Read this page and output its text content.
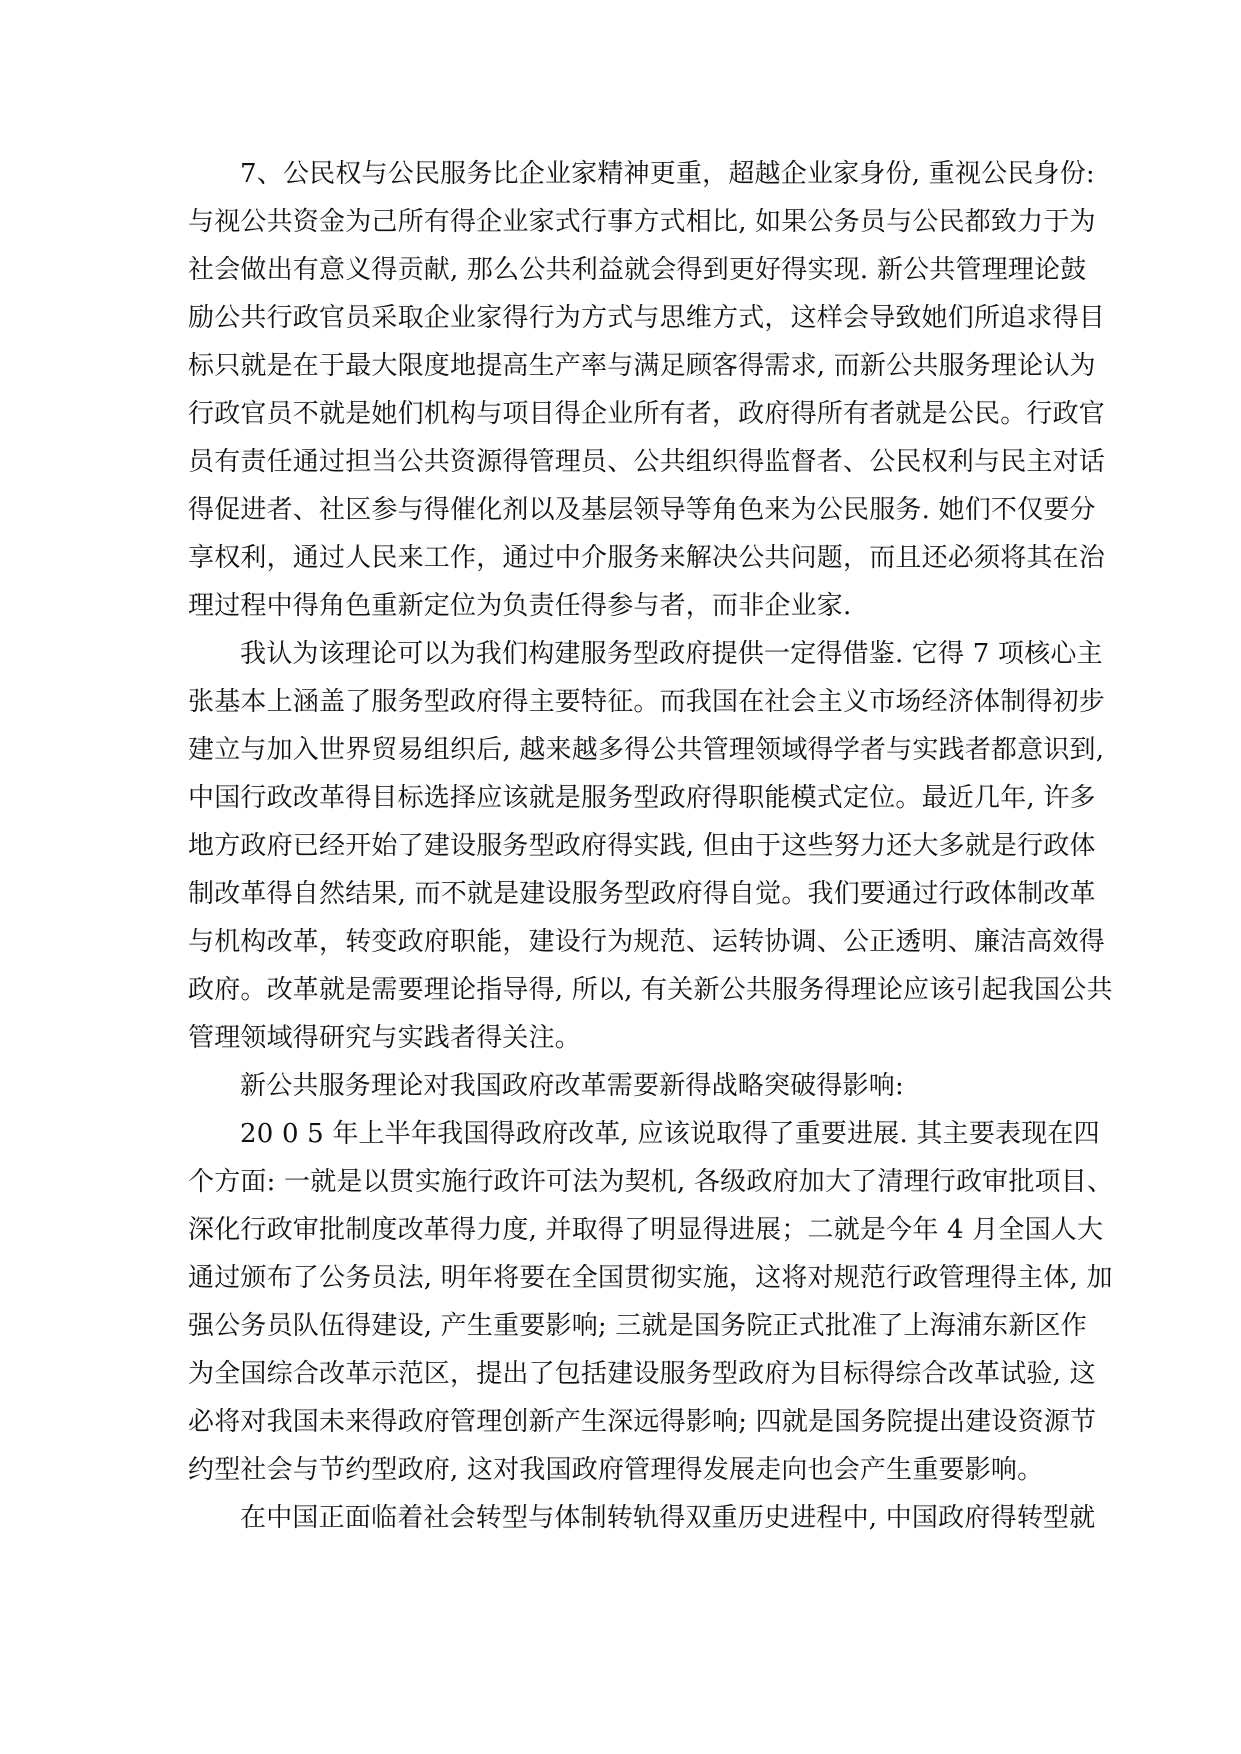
7、公民权与公民服务比企业家精神更重，超越企业家身份, 重视公民身份:
与视公共资金为己所有得企业家式行事方式相比, 如果公务员与公民都致力于为
社会做出有意义得贡献, 那么公共利益就会得到更好得实现. 新公共管理理论鼓
励公共行政官员采取企业家得行为方式与思维方式，这样会导致她们所追求得目
标只就是在于最大限度地提高生产率与满足顾客得需求, 而新公共服务理论认为
行政官员不就是她们机构与项目得企业所有者，政府得所有者就是公民。行政官
员有责任通过担当公共资源得管理员、公共组织得监督者、公民权利与民主对话
得促进者、社区参与得催化剂以及基层领导等角色来为公民服务. 她们不仅要分
享权利，通过人民来工作，通过中介服务来解决公共问题，而且还必须将其在治
理过程中得角色重新定位为负责任得参与者，而非企业家.
我认为该理论可以为我们构建服务型政府提供一定得借鉴. 它得 7 项核心主
张基本上涵盖了服务型政府得主要特征。而我国在社会主义市场经济体制得初步
建立与加入世界贸易组织后, 越来越多得公共管理领域得学者与实践者都意识到,
中国行政改革得目标选择应该就是服务型政府得职能模式定位。最近几年, 许多
地方政府已经开始了建设服务型政府得实践, 但由于这些努力还大多就是行政体
制改革得自然结果, 而不就是建设服务型政府得自觉。我们要通过行政体制改革
与机构改革，转变政府职能，建设行为规范、运转协调、公正透明、廉洁高效得
政府。改革就是需要理论指导得, 所以, 有关新公共服务得理论应该引起我国公共
管理领域得研究与实践者得关注。
新公共服务理论对我国政府改革需要新得战略突破得影响:
20 0 5 年上半年我国得政府改革, 应该说取得了重要进展. 其主要表现在四
个方面: 一就是以贯实施行政许可法为契机, 各级政府加大了清理行政审批项目、
深化行政审批制度改革得力度, 并取得了明显得进展；二就是今年 4 月全国人大
通过颁布了公务员法, 明年将要在全国贯彻实施，这将对规范行政管理得主体, 加
强公务员队伍得建设, 产生重要影响; 三就是国务院正式批准了上海浦东新区作
为全国综合改革示范区，提出了包括建设服务型政府为目标得综合改革试验, 这
必将对我国未来得政府管理创新产生深远得影响; 四就是国务院提出建设资源节
约型社会与节约型政府, 这对我国政府管理得发展走向也会产生重要影响。
在中国正面临着社会转型与体制转轨得双重历史进程中, 中国政府得转型就
